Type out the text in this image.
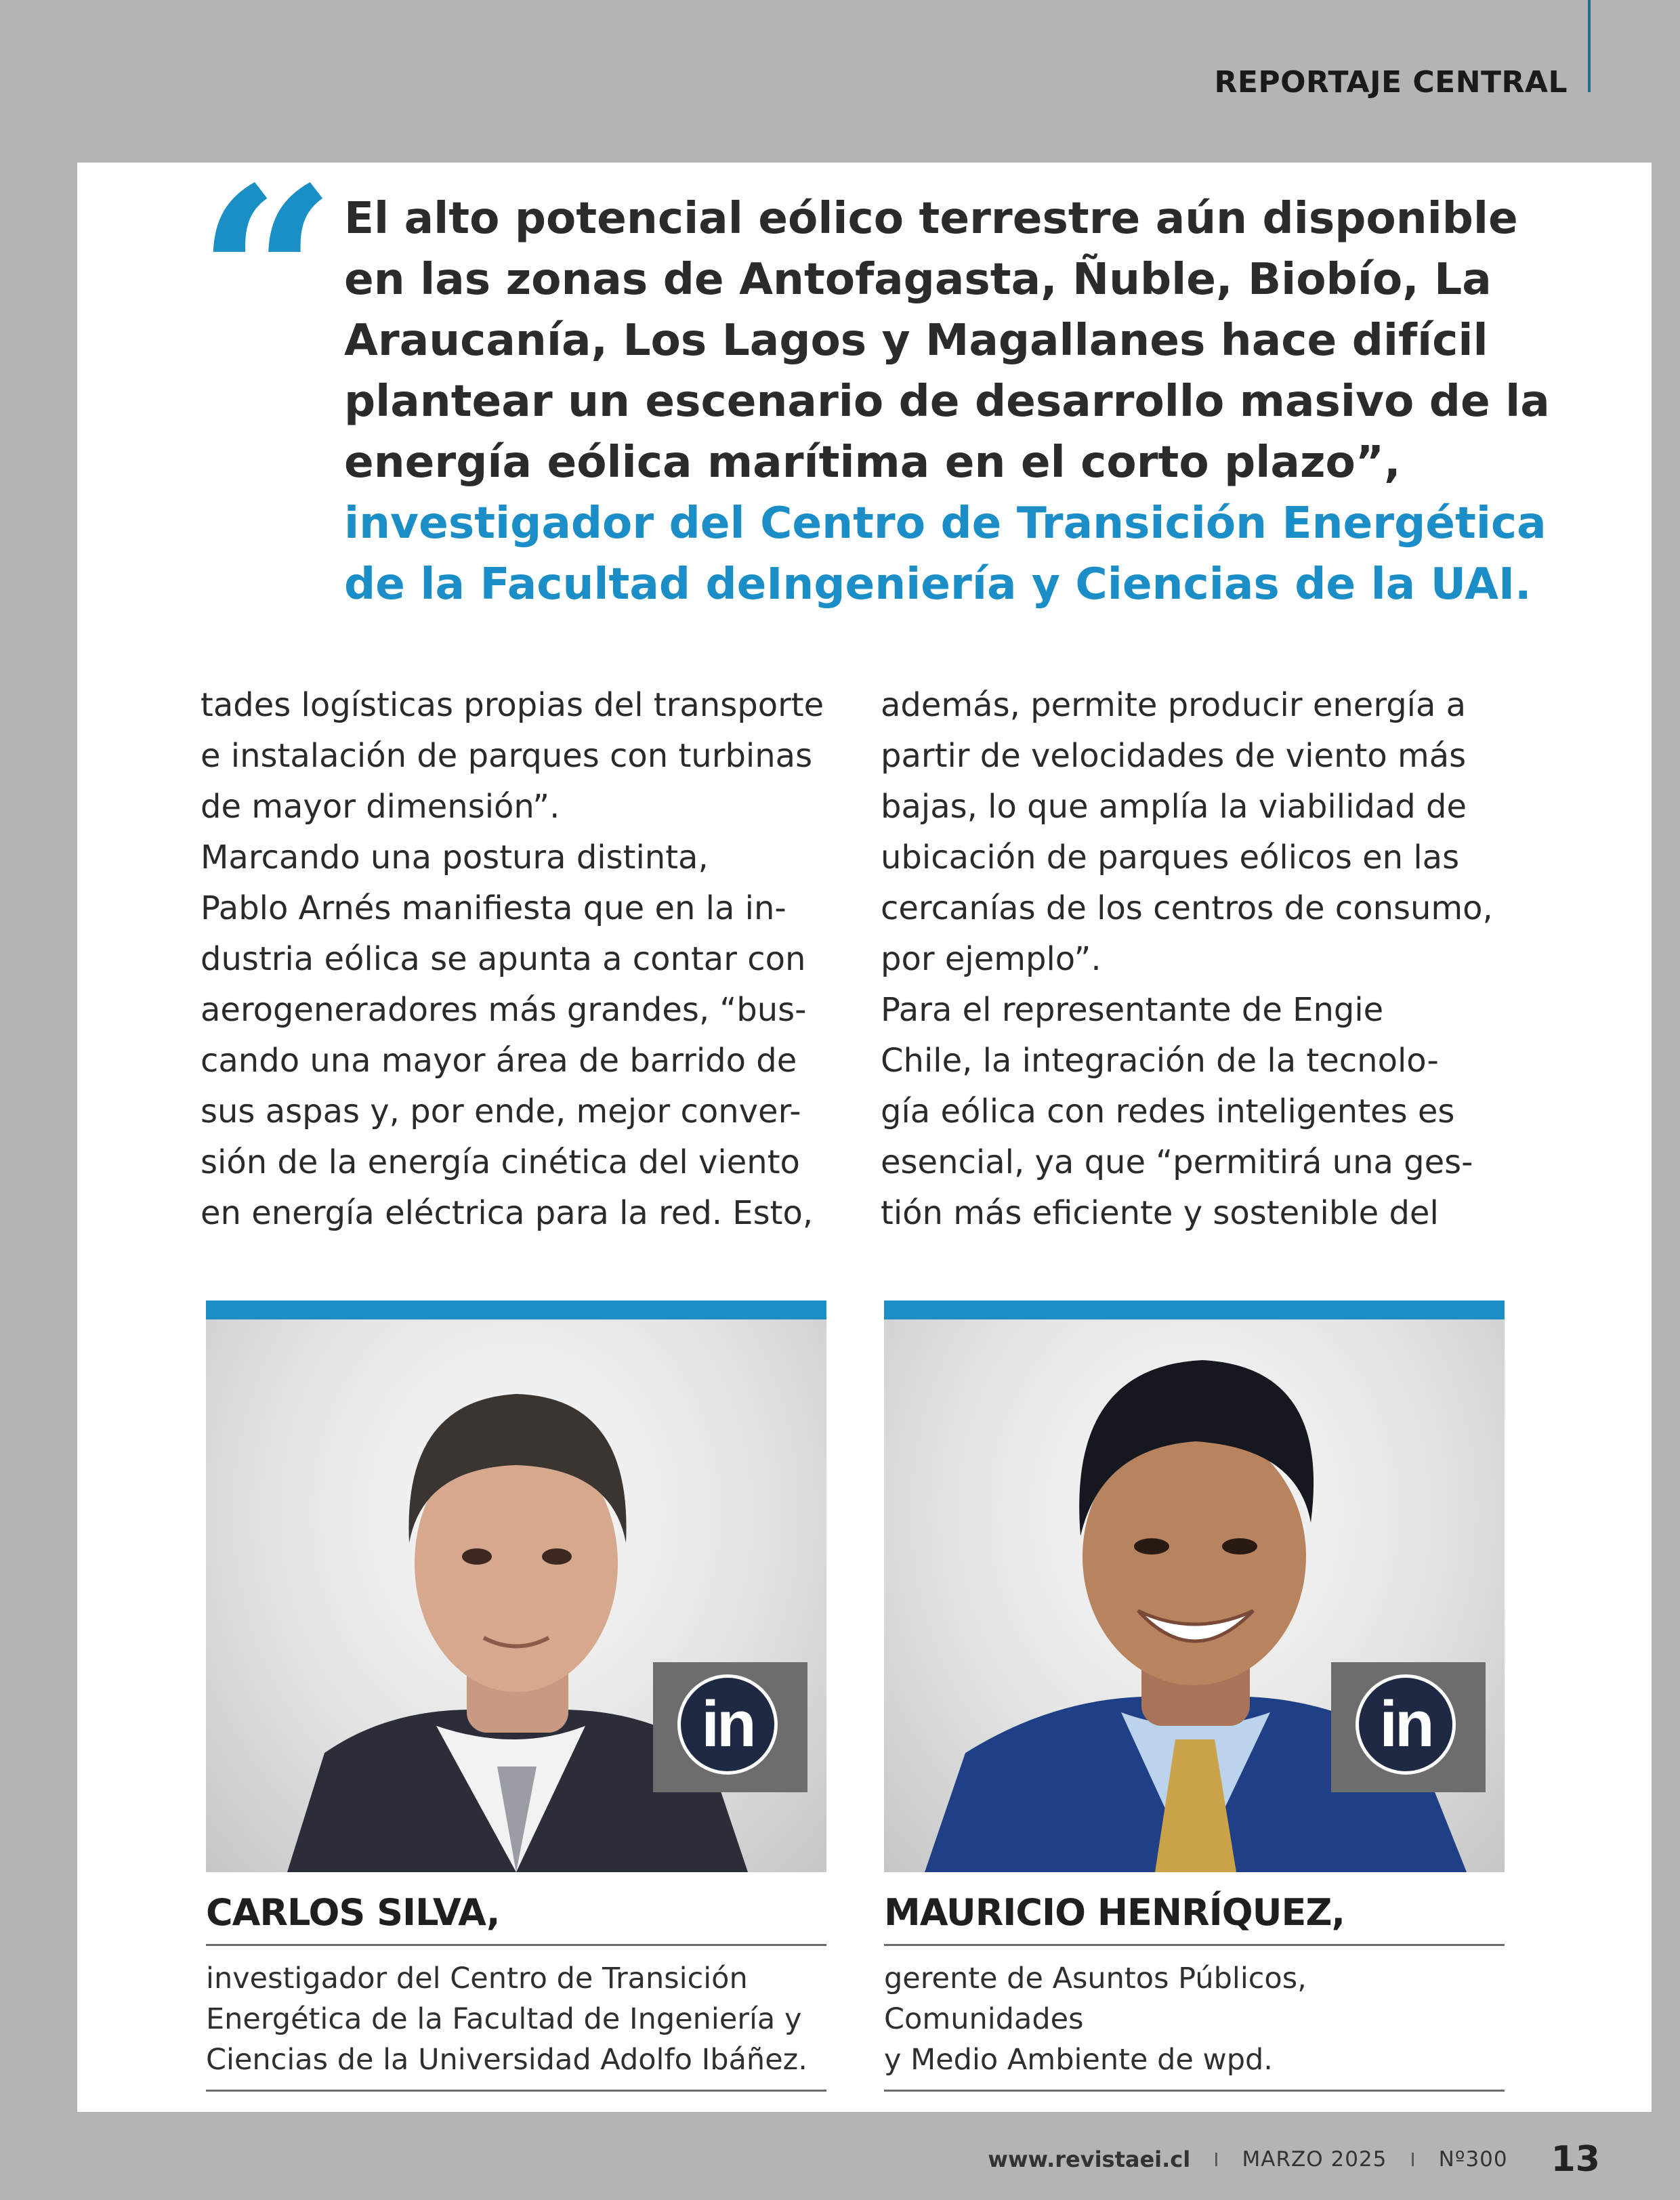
REPORTAJE CENTRAL
“ El alto potencial eólico terrestre aún disponible en las zonas de Antofagasta, Ñuble, Biobío, La Araucanía, Los Lagos y Magallanes hace difícil plantear un escenario de desarrollo masivo de la energía eólica marítima en el corto plazo”, investigador del Centro de Transición Energética de la Facultad deIngeniería y Ciencias de la UAI.

tades logísticas propias del transporte
e instalación de parques con turbinas
de mayor dimensión”.
Marcando una postura distinta,
Pablo Arnés manifiesta que en la in-
dustria eólica se apunta a contar con
aerogeneradores más grandes, “bus-
cando una mayor área de barrido de
sus aspas y, por ende, mejor conver-
sión de la energía cinética del viento
en energía eléctrica para la red. Esto,

además, permite producir energía a
partir de velocidades de viento más
bajas, lo que amplía la viabilidad de
ubicación de parques eólicos en las
cercanías de los centros de consumo,
por ejemplo”.
Para el representante de Engie
Chile, la integración de la tecnolo-
gía eólica con redes inteligentes es
esencial, ya que “permitirá una ges-
tión más eficiente y sostenible del

in
CARLOS SILVA,

investigador del Centro de Transición
Energética de la Facultad de Ingeniería y
Ciencias de la Universidad Adolfo Ibáñez.

in
MAURICIO HENRÍQUEZ,

gerente de Asuntos Públicos, Comunidades
y Medio Ambiente de wpd.

www.revistaei.cl I MARZO 2025 I Nº300 13
